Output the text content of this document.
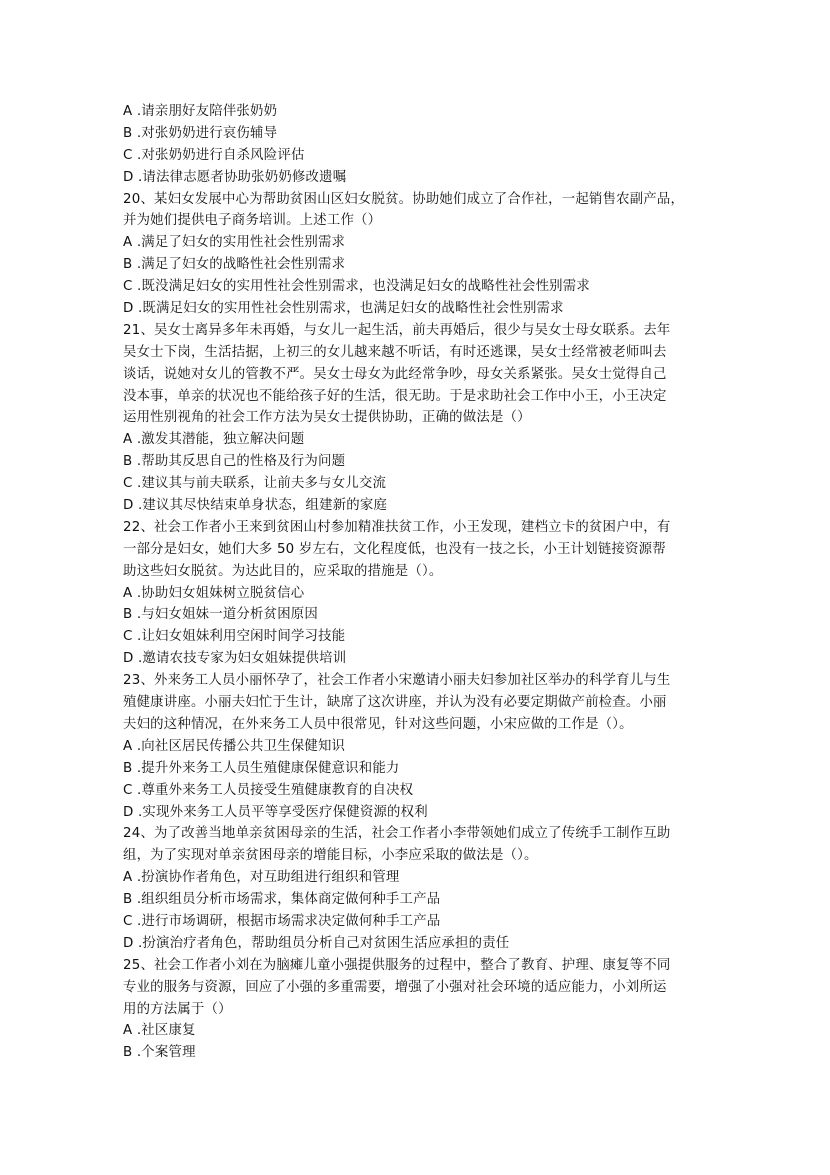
A .请亲朋好友陪伴张奶奶
B .对张奶奶进行哀伤辅导
C .对张奶奶进行自杀风险评估
D .请法律志愿者协助张奶奶修改遗嘱
20、某妇女发展中心为帮助贫困山区妇女脱贫。协助她们成立了合作社，一起销售农副产品，
并为她们提供电子商务培训。上述工作（）
A .满足了妇女的实用性社会性别需求
B .满足了妇女的战略性社会性别需求
C .既没满足妇女的实用性社会性别需求，也没满足妇女的战略性社会性别需求
D .既满足妇女的实用性社会性别需求，也满足妇女的战略性社会性别需求
21、吴女士离异多年未再婚，与女儿一起生活，前夫再婚后，很少与吴女士母女联系。去年
吴女士下岗，生活拮据，上初三的女儿越来越不听话，有时还逃课，吴女士经常被老师叫去
谈话，说她对女儿的管教不严。吴女士母女为此经常争吵，母女关系紧张。吴女士觉得自己
没本事，单亲的状况也不能给孩子好的生活，很无助。于是求助社会工作中小王，小王决定
运用性别视角的社会工作方法为吴女士提供协助，正确的做法是（）
A .激发其潜能，独立解决问题
B .帮助其反思自己的性格及行为问题
C .建议其与前夫联系，让前夫多与女儿交流
D .建议其尽快结束单身状态，组建新的家庭
22、社会工作者小王来到贫困山村参加精准扶贫工作，小王发现，建档立卡的贫困户中，有
一部分是妇女，她们大多 50 岁左右，文化程度低，也没有一技之长，小王计划链接资源帮
助这些妇女脱贫。为达此目的，应采取的措施是（）。
A .协助妇女姐妹树立脱贫信心
B .与妇女姐妹一道分析贫困原因
C .让妇女姐妹利用空闲时间学习技能
D .邀请农技专家为妇女姐妹提供培训
23、外来务工人员小丽怀孕了，社会工作者小宋邀请小丽夫妇参加社区举办的科学育儿与生
殖健康讲座。小丽夫妇忙于生计，缺席了这次讲座，并认为没有必要定期做产前检查。小丽
夫妇的这种情况，在外来务工人员中很常见，针对这些问题，小宋应做的工作是（）。
A .向社区居民传播公共卫生保健知识
B .提升外来务工人员生殖健康保健意识和能力
C .尊重外来务工人员接受生殖健康教育的自决权
D .实现外来务工人员平等享受医疗保健资源的权利
24、为了改善当地单亲贫困母亲的生活，社会工作者小李带领她们成立了传统手工制作互助
组，为了实现对单亲贫困母亲的增能目标，小李应采取的做法是（）。
A .扮演协作者角色，对互助组进行组织和管理
B .组织组员分析市场需求，集体商定做何种手工产品
C .进行市场调研，根据市场需求决定做何种手工产品
D .扮演治疗者角色，帮助组员分析自己对贫困生活应承担的责任
25、社会工作者小刘在为脑瘫儿童小强提供服务的过程中，整合了教育、护理、康复等不同
专业的服务与资源，回应了小强的多重需要，增强了小强对社会环境的适应能力，小刘所运
用的方法属于（）
A .社区康复
B .个案管理
